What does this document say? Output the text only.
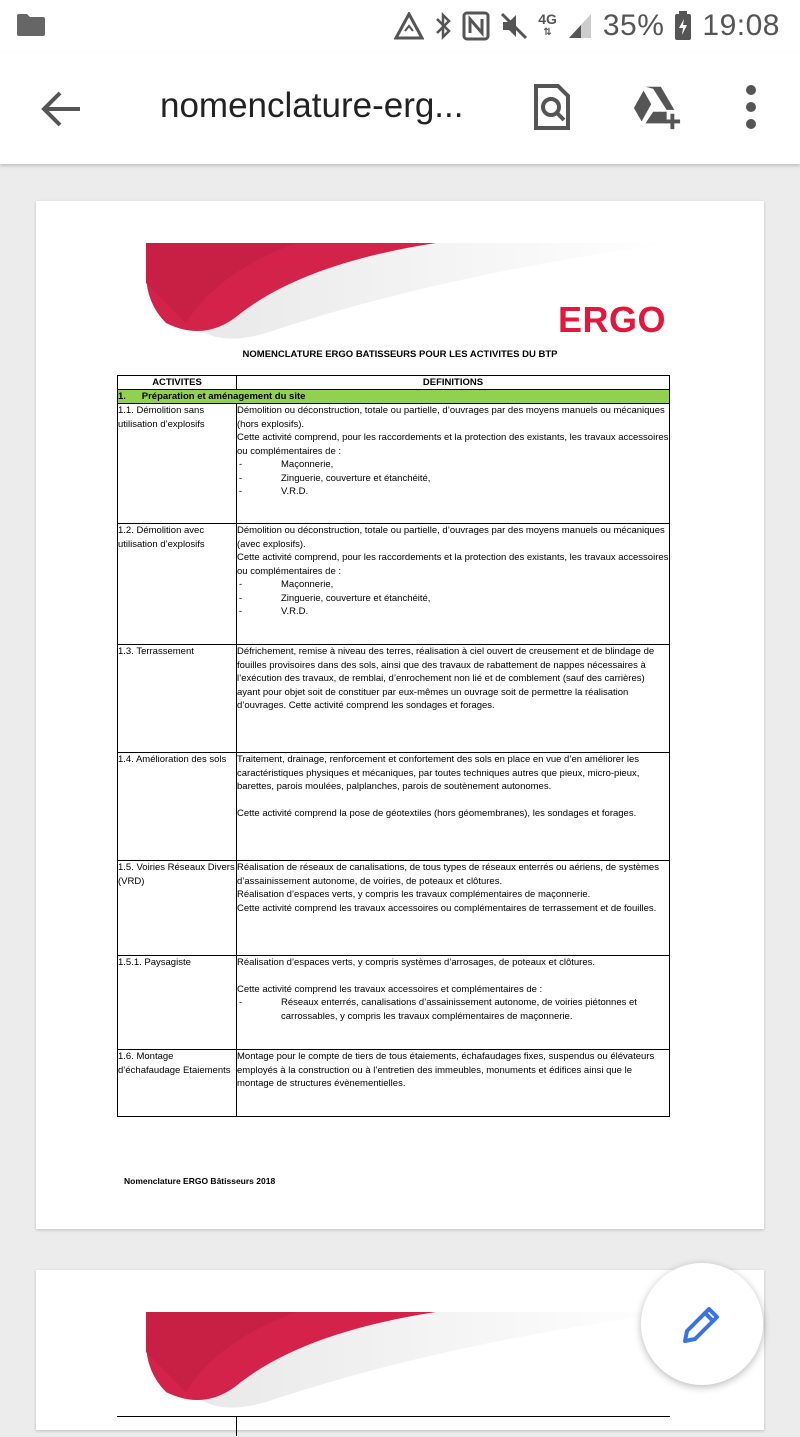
4G
⇅ 35% 19:08
nomenclature-erg...
ERGO
NOMENCLATURE ERGO BATISSEURS POUR LES ACTIVITES DU BTP
ACTIVITES	DEFINITIONS
1.      Préparation et aménagement du site	
1.1. Démolition sans utilisation d’explosifs	Démolition ou déconstruction, totale ou partielle, d’ouvrages par des moyens manuels ou mécaniques (hors explosifs).
Cette activité comprend, pour les raccordements et la protection des existants, les travaux accessoires ou complémentaires de :
- Maçonnerie,
- Zinguerie, couverture et étanchéité,
- V.R.D.

1.2. Démolition avec utilisation d’explosifs	Démolition ou déconstruction, totale ou partielle, d’ouvrages par des moyens manuels ou mécaniques (avec explosifs).
Cette activité comprend, pour les raccordements et la protection des existants, les travaux accessoires ou complémentaires de :
- Maçonnerie,
- Zinguerie, couverture et étanchéité,
- V.R.D.

1.3. Terrassement	Défrichement, remise à niveau des terres, réalisation à ciel ouvert de creusement et de blindage de fouilles provisoires dans des sols, ainsi que des travaux de rabattement de nappes nécessaires à l’exécution des travaux, de remblai, d’enrochement non lié et de comblement (sauf des carrières) ayant pour objet soit de constituer par eux-mêmes un ouvrage soit de permettre la réalisation d’ouvrages. Cette activité comprend les sondages et forages.

1.4. Amélioration des sols	Traitement, drainage, renforcement et confortement des sols en place en vue d’en améliorer les caractéristiques physiques et mécaniques, par toutes techniques autres que pieux, micro-pieux, barettes, parois moulées, palplanches, parois de soutènement autonomes.
Cette activité comprend la pose de géotextiles (hors géomembranes), les sondages et forages.

1.5. Voiries Réseaux Divers (VRD)	Réalisation de réseaux de canalisations, de tous types de réseaux enterrés ou aériens, de systèmes d’assainissement autonome, de voiries, de poteaux et clôtures.
Réalisation d’espaces verts, y compris les travaux complémentaires de maçonnerie.
Cette activité comprend les travaux accessoires ou complémentaires de terrassement et de fouilles.

1.5.1. Paysagiste	Réalisation d’espaces verts, y compris systèmes d’arrosages, de poteaux et clôtures.
Cette activité comprend les travaux accessoires et complémentaires de :
- Réseaux enterrés, canalisations d’assainissement autonome, de voiries piétonnes et carrossables, y compris les travaux complémentaires de maçonnerie.

1.6. Montage d’échafaudage Etaiements	Montage pour le compte de tiers de tous étaiements, échafaudages fixes, suspendus ou élévateurs employés à la construction ou à l’entretien des immeubles, monuments et édifices ainsi que le montage de structures évènementielles.
Nomenclature ERGO Bâtisseurs 2018
